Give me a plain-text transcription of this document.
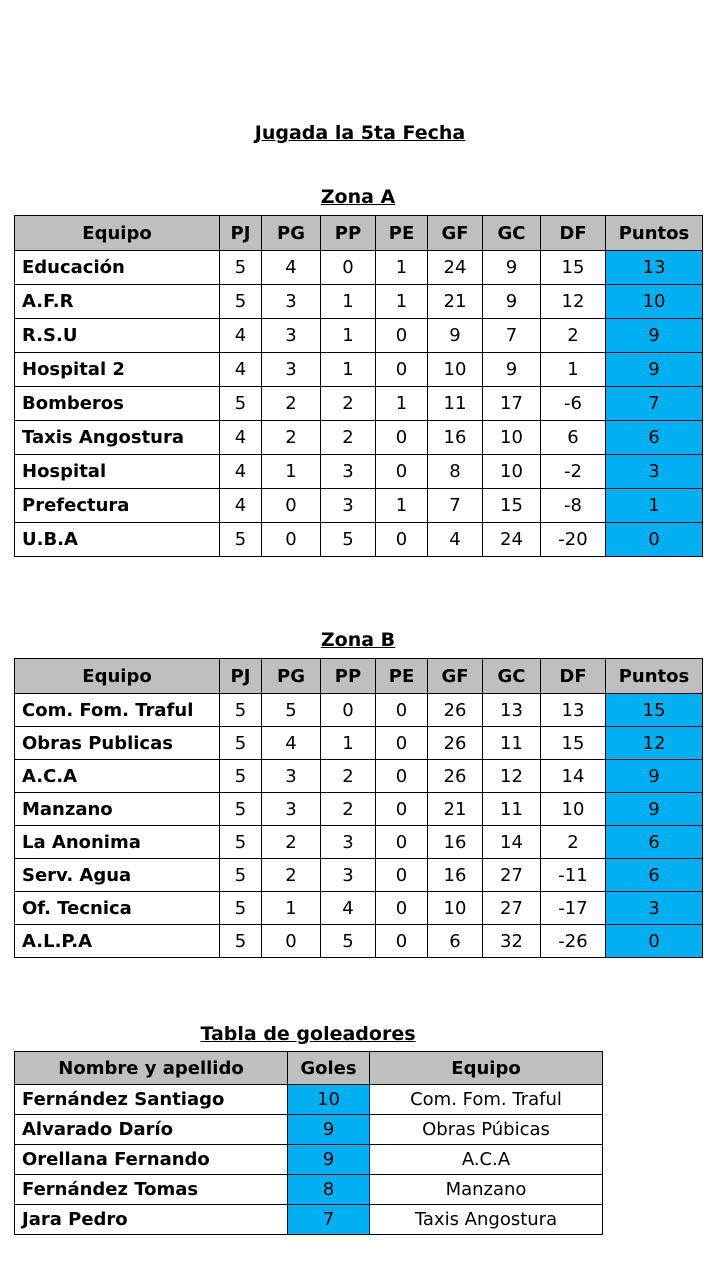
Jugada la 5ta Fecha
Zona A
Equipo	PJ	PG	PP	PE	GF	GC	DF	Puntos
Educación	5	4	0	1	24	9	15	13
A.F.R	5	3	1	1	21	9	12	10
R.S.U	4	3	1	0	9	7	2	9
Hospital 2	4	3	1	0	10	9	1	9
Bomberos	5	2	2	1	11	17	-6	7
Taxis Angostura	4	2	2	0	16	10	6	6
Hospital	4	1	3	0	8	10	-2	3
Prefectura	4	0	3	1	7	15	-8	1
U.B.A	5	0	5	0	4	24	-20	0
Zona B
Equipo	PJ	PG	PP	PE	GF	GC	DF	Puntos
Com. Fom. Traful	5	5	0	0	26	13	13	15
Obras Publicas	5	4	1	0	26	11	15	12
A.C.A	5	3	2	0	26	12	14	9
Manzano	5	3	2	0	21	11	10	9
La Anonima	5	2	3	0	16	14	2	6
Serv. Agua	5	2	3	0	16	27	-11	6
Of. Tecnica	5	1	4	0	10	27	-17	3
A.L.P.A	5	0	5	0	6	32	-26	0
Tabla de goleadores
Nombre y apellido	Goles	Equipo
Fernández Santiago	10	Com. Fom. Traful
Alvarado Darío	9	Obras Púbicas
Orellana Fernando	9	A.C.A
Fernández Tomas	8	Manzano
Jara Pedro	7	Taxis Angostura
